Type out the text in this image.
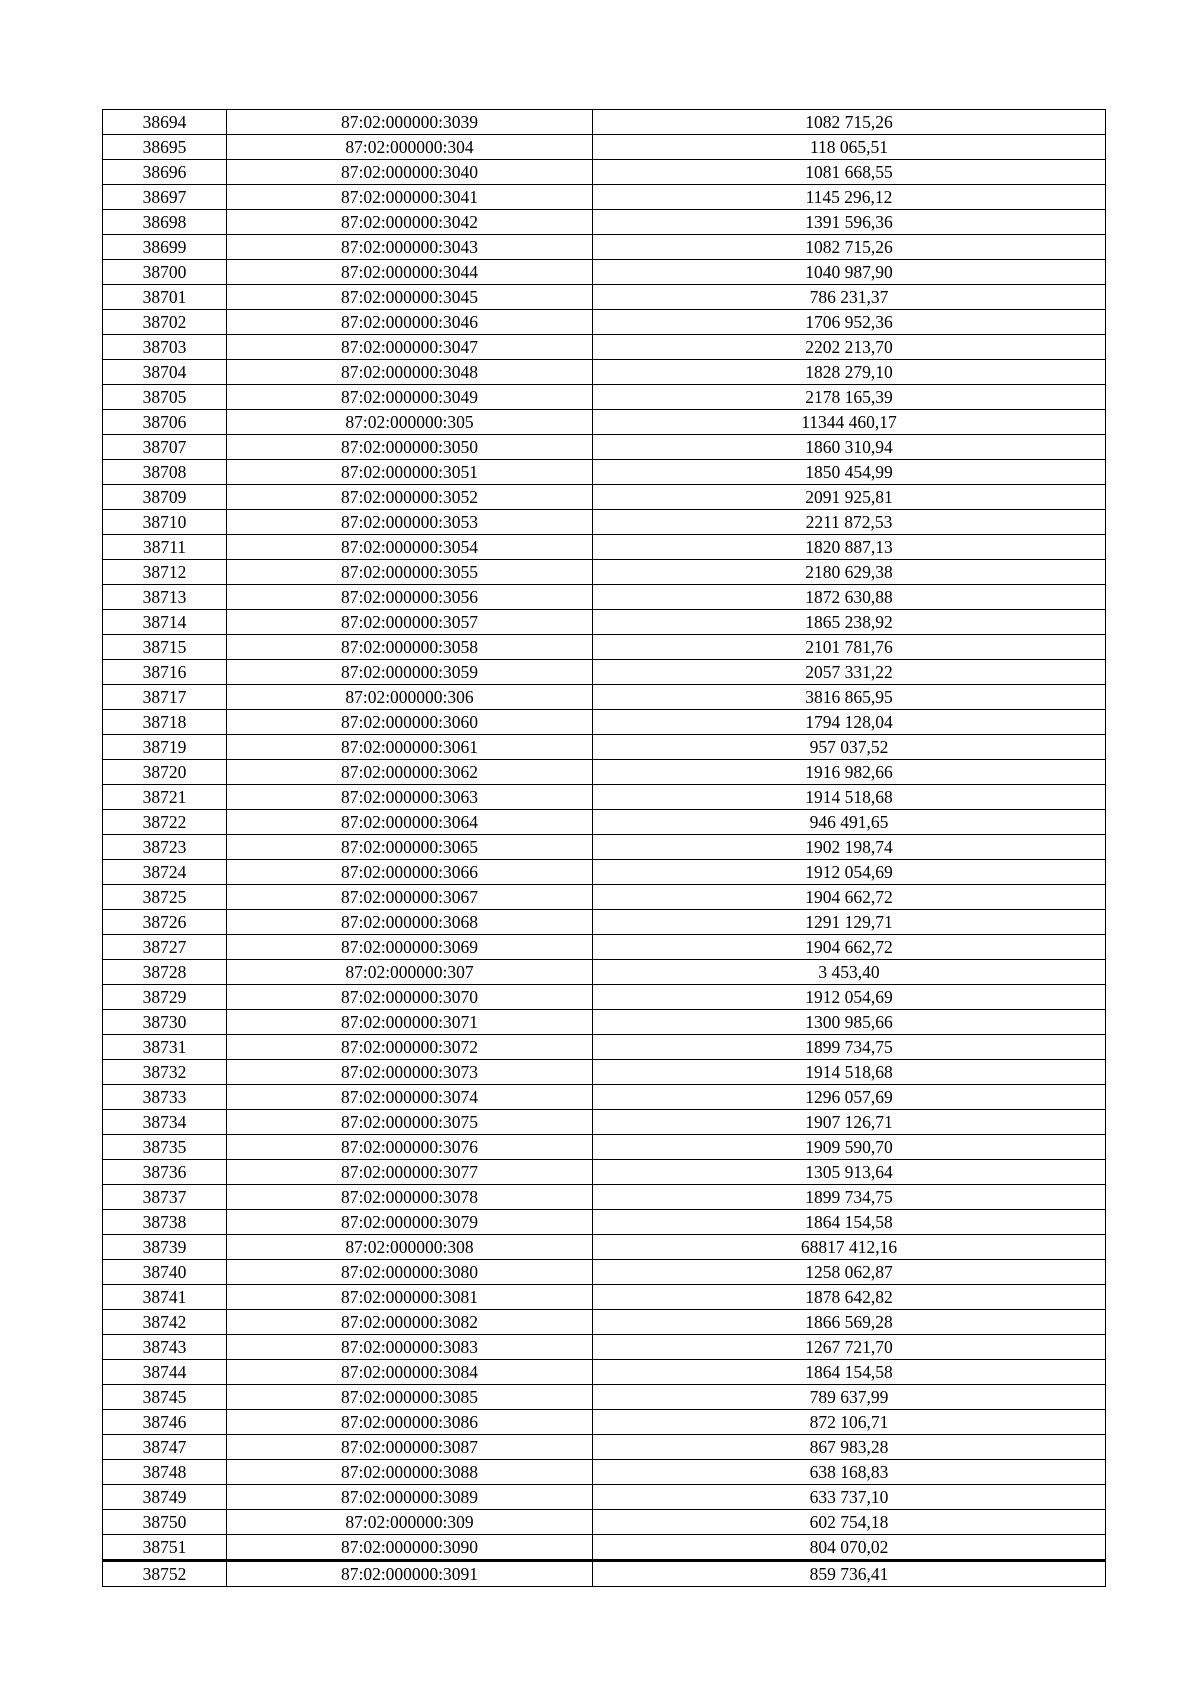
38694	87:02:000000:3039	1082 715,26
38695	87:02:000000:304	118 065,51
38696	87:02:000000:3040	1081 668,55
38697	87:02:000000:3041	1145 296,12
38698	87:02:000000:3042	1391 596,36
38699	87:02:000000:3043	1082 715,26
38700	87:02:000000:3044	1040 987,90
38701	87:02:000000:3045	786 231,37
38702	87:02:000000:3046	1706 952,36
38703	87:02:000000:3047	2202 213,70
38704	87:02:000000:3048	1828 279,10
38705	87:02:000000:3049	2178 165,39
38706	87:02:000000:305	11344 460,17
38707	87:02:000000:3050	1860 310,94
38708	87:02:000000:3051	1850 454,99
38709	87:02:000000:3052	2091 925,81
38710	87:02:000000:3053	2211 872,53
38711	87:02:000000:3054	1820 887,13
38712	87:02:000000:3055	2180 629,38
38713	87:02:000000:3056	1872 630,88
38714	87:02:000000:3057	1865 238,92
38715	87:02:000000:3058	2101 781,76
38716	87:02:000000:3059	2057 331,22
38717	87:02:000000:306	3816 865,95
38718	87:02:000000:3060	1794 128,04
38719	87:02:000000:3061	957 037,52
38720	87:02:000000:3062	1916 982,66
38721	87:02:000000:3063	1914 518,68
38722	87:02:000000:3064	946 491,65
38723	87:02:000000:3065	1902 198,74
38724	87:02:000000:3066	1912 054,69
38725	87:02:000000:3067	1904 662,72
38726	87:02:000000:3068	1291 129,71
38727	87:02:000000:3069	1904 662,72
38728	87:02:000000:307	3 453,40
38729	87:02:000000:3070	1912 054,69
38730	87:02:000000:3071	1300 985,66
38731	87:02:000000:3072	1899 734,75
38732	87:02:000000:3073	1914 518,68
38733	87:02:000000:3074	1296 057,69
38734	87:02:000000:3075	1907 126,71
38735	87:02:000000:3076	1909 590,70
38736	87:02:000000:3077	1305 913,64
38737	87:02:000000:3078	1899 734,75
38738	87:02:000000:3079	1864 154,58
38739	87:02:000000:308	68817 412,16
38740	87:02:000000:3080	1258 062,87
38741	87:02:000000:3081	1878 642,82
38742	87:02:000000:3082	1866 569,28
38743	87:02:000000:3083	1267 721,70
38744	87:02:000000:3084	1864 154,58
38745	87:02:000000:3085	789 637,99
38746	87:02:000000:3086	872 106,71
38747	87:02:000000:3087	867 983,28
38748	87:02:000000:3088	638 168,83
38749	87:02:000000:3089	633 737,10
38750	87:02:000000:309	602 754,18
38751	87:02:000000:3090	804 070,02
38752	87:02:000000:3091	859 736,41
